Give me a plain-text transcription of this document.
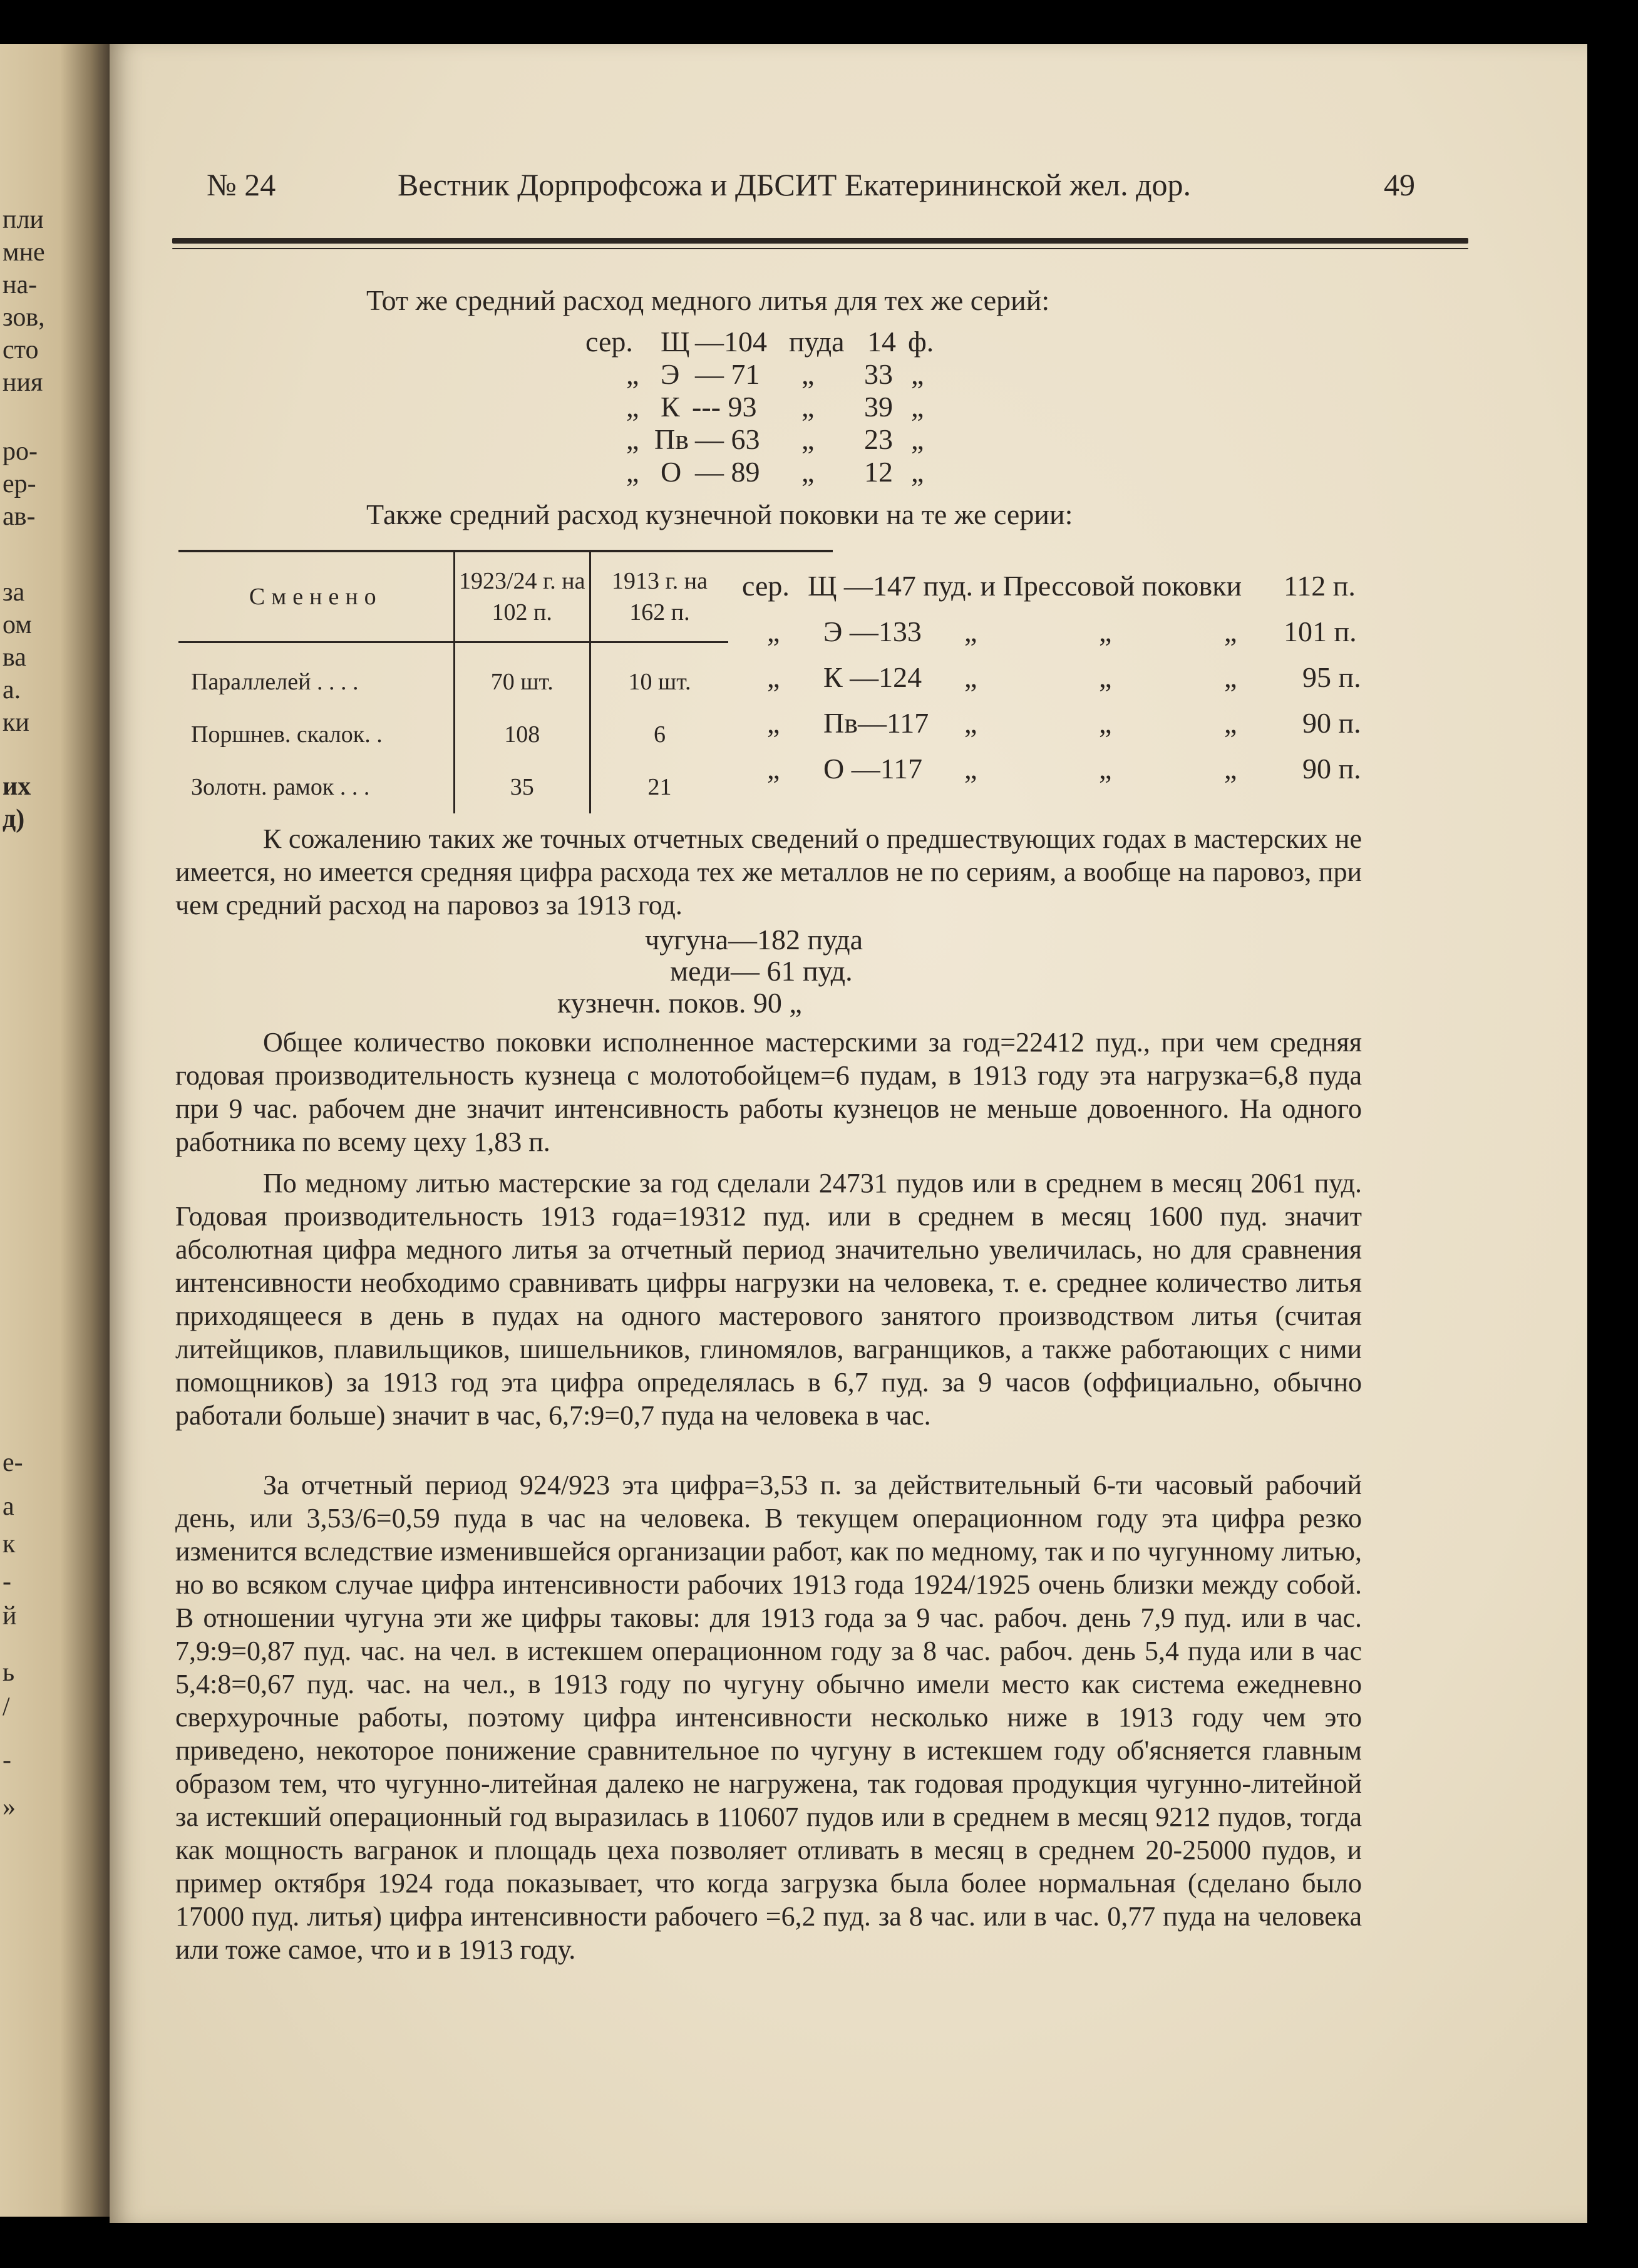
пли
мне
на-
зов,
сто
ния
ро-
ер-
ав-
за
ом
ва
а.
ки
их
д)
е-
а
к
-
й
ь
/
-
»
№ 24	Вестник Дорпрофсожа и ДБСИТ Екатерининской жел. дор.	49
Тот же средний расход медного литья для тех же серий:
сер. Щ —104 пуда 14 ф.
„ Э — 71 „ 33 „
„ К --- 93 „ 39 „
„ Пв — 63 „ 23 „
„ О — 89 „ 12 „
Также средний расход кузнечной поковки на те же серии:
Сменено	1923/24 г. на 102 п.	1913 г. на 162 п.
Параллелей . . . .	70 шт.	10 шт.
Поршнев. скалок. .	108	6
Золотн. рамок . . .	35	21
сер. Щ —147 пуд. и Прессовой поковки 112 п.
„ Э —133 „	„	„ 101 п.
„ К —124 „	„	„ 95 п.
„ Пв—117 „	„	„ 90 п.
„ О —117 „	„	„ 90 п.

К сожалению таких же точных отчетных сведений о предшествующих годах в мастерских не имеется, но имеется средняя цифра расхода тех же металлов не по сериям, а вообще на паровоз, при чем средний расход на паровоз за 1913 год.

чугуна—182 пуда
меди— 61 пуд.
кузнечн. поков. 90 „

Общее количество поковки исполненное мастерскими за год=22412 пуд., при чем средняя годовая производительность кузнеца с молотобойцем=6 пудам, в 1913 году эта нагрузка=6,8 пуда при 9 час. рабочем дне значит интенсивность работы кузнецов не меньше довоенного. На одного работника по всему цеху 1,83 п.

По медному литью мастерские за год сделали 24731 пудов или в среднем в месяц 2061 пуд. Годовая производительность 1913 года=19312 пуд. или в среднем в месяц 1600 пуд. значит абсолютная цифра медного литья за отчетный период значительно увеличилась, но для сравнения интенсивности необходимо сравнивать цифры нагрузки на человека, т. е. среднее количество литья приходящееся в день в пудах на одного мастерового занятого производством литья (считая литейщиков, плавильщиков, шишельников, глиномялов, вагранщиков, а также работающих с ними помощников) за 1913 год эта цифра определялась в 6,7 пуд. за 9 часов (оффициально, обычно работали больше) значит в час, 6,7:9=0,7 пуда на человека в час.

За отчетный период 924/923 эта цифра=3,53 п. за действительный 6-ти часовый рабочий день, или 3,53/6=0,59 пуда в час на человека. В текущем операционном году эта цифра резко изменится вследствие изменившейся организации работ, как по медному, так и по чугунному литью, но во всяком случае цифра интенсивности рабочих 1913 года 1924/1925 очень близки между собой. В отношении чугуна эти же цифры таковы: для 1913 года за 9 час. рабоч. день 7,9 пуд. или в час. 7,9:9=0,87 пуд. час. на чел. в истекшем операционном году за 8 час. рабоч. день 5,4 пуда или в час 5,4:8=0,67 пуд. час. на чел., в 1913 году по чугуну обычно имели место как система ежедневно сверхурочные работы, поэтому цифра интенсивности несколько ниже в 1913 году чем это приведено, некоторое понижение сравнительное по чугуну в истекшем году об'ясняется главным образом тем, что чугунно-литейная далеко не нагружена, так годовая продукция чугунно-литейной за истекший операционный год выразилась в 110607 пудов или в среднем в месяц 9212 пудов, тогда как мощность вагранок и площадь цеха позволяет отливать в месяц в среднем 20-25000 пудов, и пример октября 1924 года показывает, что когда загрузка была более нормальная (сделано было 17000 пуд. литья) цифра интенсивности рабочего =6,2 пуд. за 8 час. или в час. 0,77 пуда на человека или тоже самое, что и в 1913 году.
